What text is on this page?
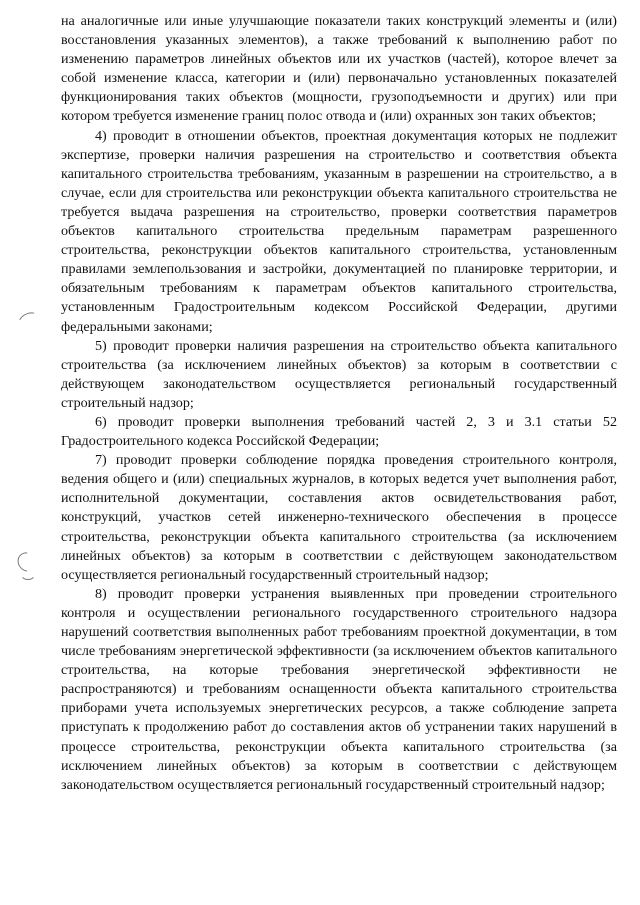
на аналогичные или иные улучшающие показатели таких конструкций элементы и (или) восстановления указанных элементов), а также требований к выполнению работ по изменению параметров линейных объектов или их участков (частей), которое влечет за собой изменение класса, категории и (или) первоначально установленных показателей функционирования таких объектов (мощности, грузоподъемности и других) или при котором требуется изменение границ полос отвода и (или) охранных зон таких объектов;

4) проводит в отношении объектов, проектная документация которых не подлежит экспертизе, проверки наличия разрешения на строительство и соответствия объекта капитального строительства требованиям, указанным в разрешении на строительство, а в случае, если для строительства или реконструкции объекта капитального строительства не требуется выдача разрешения на строительство, проверки соответствия параметров объектов капитального строительства предельным параметрам разрешенного строительства, реконструкции объектов капитального строительства, установленным правилами землепользования и застройки, документацией по планировке территории, и обязательным требованиям к параметрам объектов капитального строительства, установленным Градостроительным кодексом Российской Федерации, другими федеральными законами;

5) проводит проверки наличия разрешения на строительство объекта капитального строительства (за исключением линейных объектов) за которым в соответствии с действующем законодательством осуществляется региональный государственный строительный надзор;

6) проводит проверки выполнения требований частей 2, 3 и 3.1 статьи 52 Градостроительного кодекса Российской Федерации;

7) проводит проверки соблюдение порядка проведения строительного контроля, ведения общего и (или) специальных журналов, в которых ведется учет выполнения работ, исполнительной документации, составления актов освидетельствования работ, конструкций, участков сетей инженерно-технического обеспечения в процессе строительства, реконструкции объекта капитального строительства (за исключением линейных объектов) за которым в соответствии с действующем законодательством осуществляется региональный государственный строительный надзор;

8) проводит проверки устранения выявленных при проведении строительного контроля и осуществлении регионального государственного строительного надзора нарушений соответствия выполненных работ требованиям проектной документации, в том числе требованиям энергетической эффективности (за исключением объектов капитального строительства, на которые требования энергетической эффективности не распространяются) и требованиям оснащенности объекта капитального строительства приборами учета используемых энергетических ресурсов, а также соблюдение запрета приступать к продолжению работ до составления актов об устранении таких нарушений в процессе строительства, реконструкции объекта капитального строительства (за исключением линейных объектов) за которым в соответствии с действующем законодательством осуществляется региональный государственный строительный надзор;
